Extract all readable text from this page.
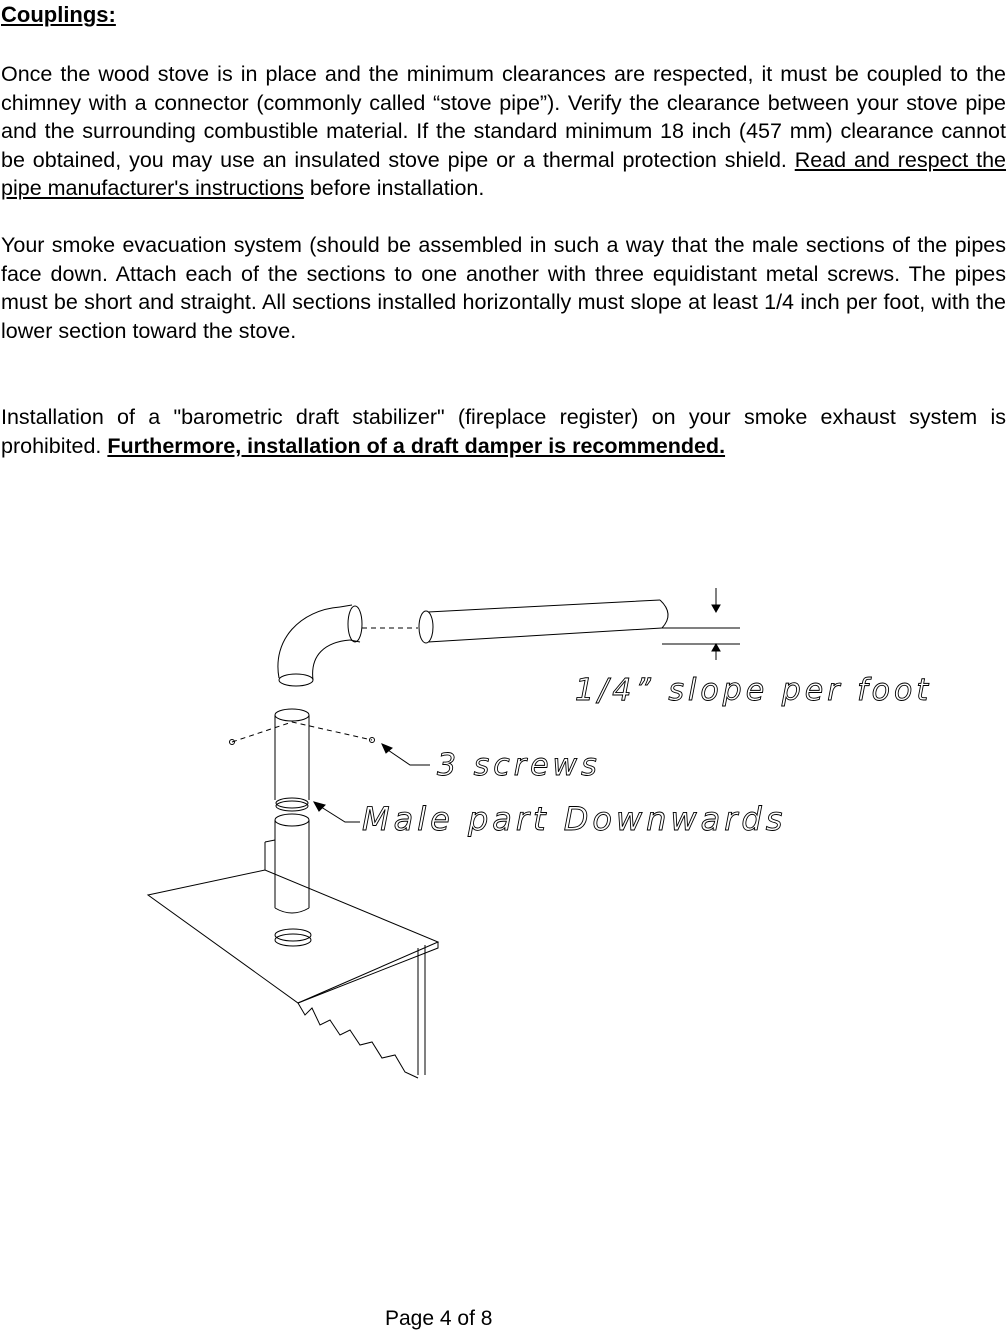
Couplings:

Once the wood stove is in place and the minimum clearances are respected, it must be coupled to the chimney with a connector (commonly called “stove pipe”). Verify the clearance between your stove pipe and the surrounding combustible material. If the standard minimum 18 inch (457 mm) clearance cannot be obtained, you may use an insulated stove pipe or a thermal protection shield. Read and respect the pipe manufacturer's instructions before installation.

Your smoke evacuation system (should be assembled in such a way that the male sections of the pipes face down. Attach each of the sections to one another with three equidistant metal screws. The pipes must be short and straight. All sections installed horizontally must slope at least 1/4 inch per foot, with the lower section toward the stove.

Installation of a "barometric draft stabilizer" (fireplace register) on your smoke exhaust system is prohibited. Furthermore, installation of a draft damper is recommended.

1/4” slope per foot
3 screws
Male part Downwards

Page 4 of 8
